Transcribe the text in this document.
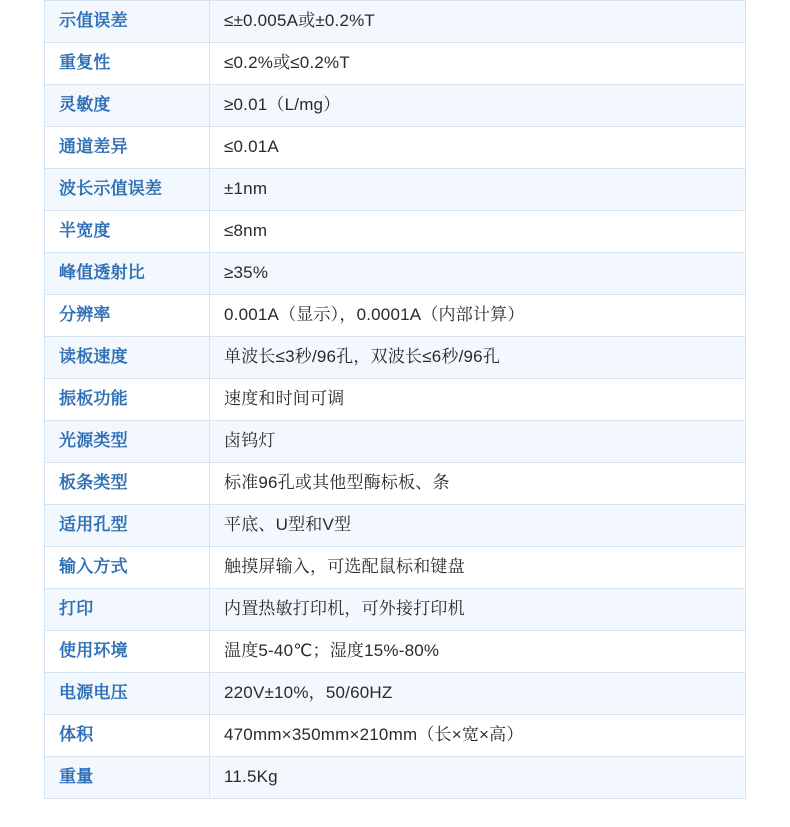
示值误差	≤±0.005A或±0.2%T
重复性	≤0.2%或≤0.2%T
灵敏度	≥0.01（L/mg）
通道差异	≤0.01A
波长示值误差	±1nm
半宽度	≤8nm
峰值透射比	≥35%
分辨率	0.001A（显示），0.0001A（内部计算）
读板速度	单波长≤3秒/96孔，双波长≤6秒/96孔
振板功能	速度和时间可调
光源类型	卤钨灯
板条类型	标准96孔或其他型酶标板、条
适用孔型	平底、U型和V型
输入方式	触摸屏输入，可选配鼠标和键盘
打印	内置热敏打印机，可外接打印机
使用环境	温度5-40℃；湿度15%-80%
电源电压	220V±10%，50/60HZ
体积	470mm×350mm×210mm（长×宽×高）
重量	11.5Kg
